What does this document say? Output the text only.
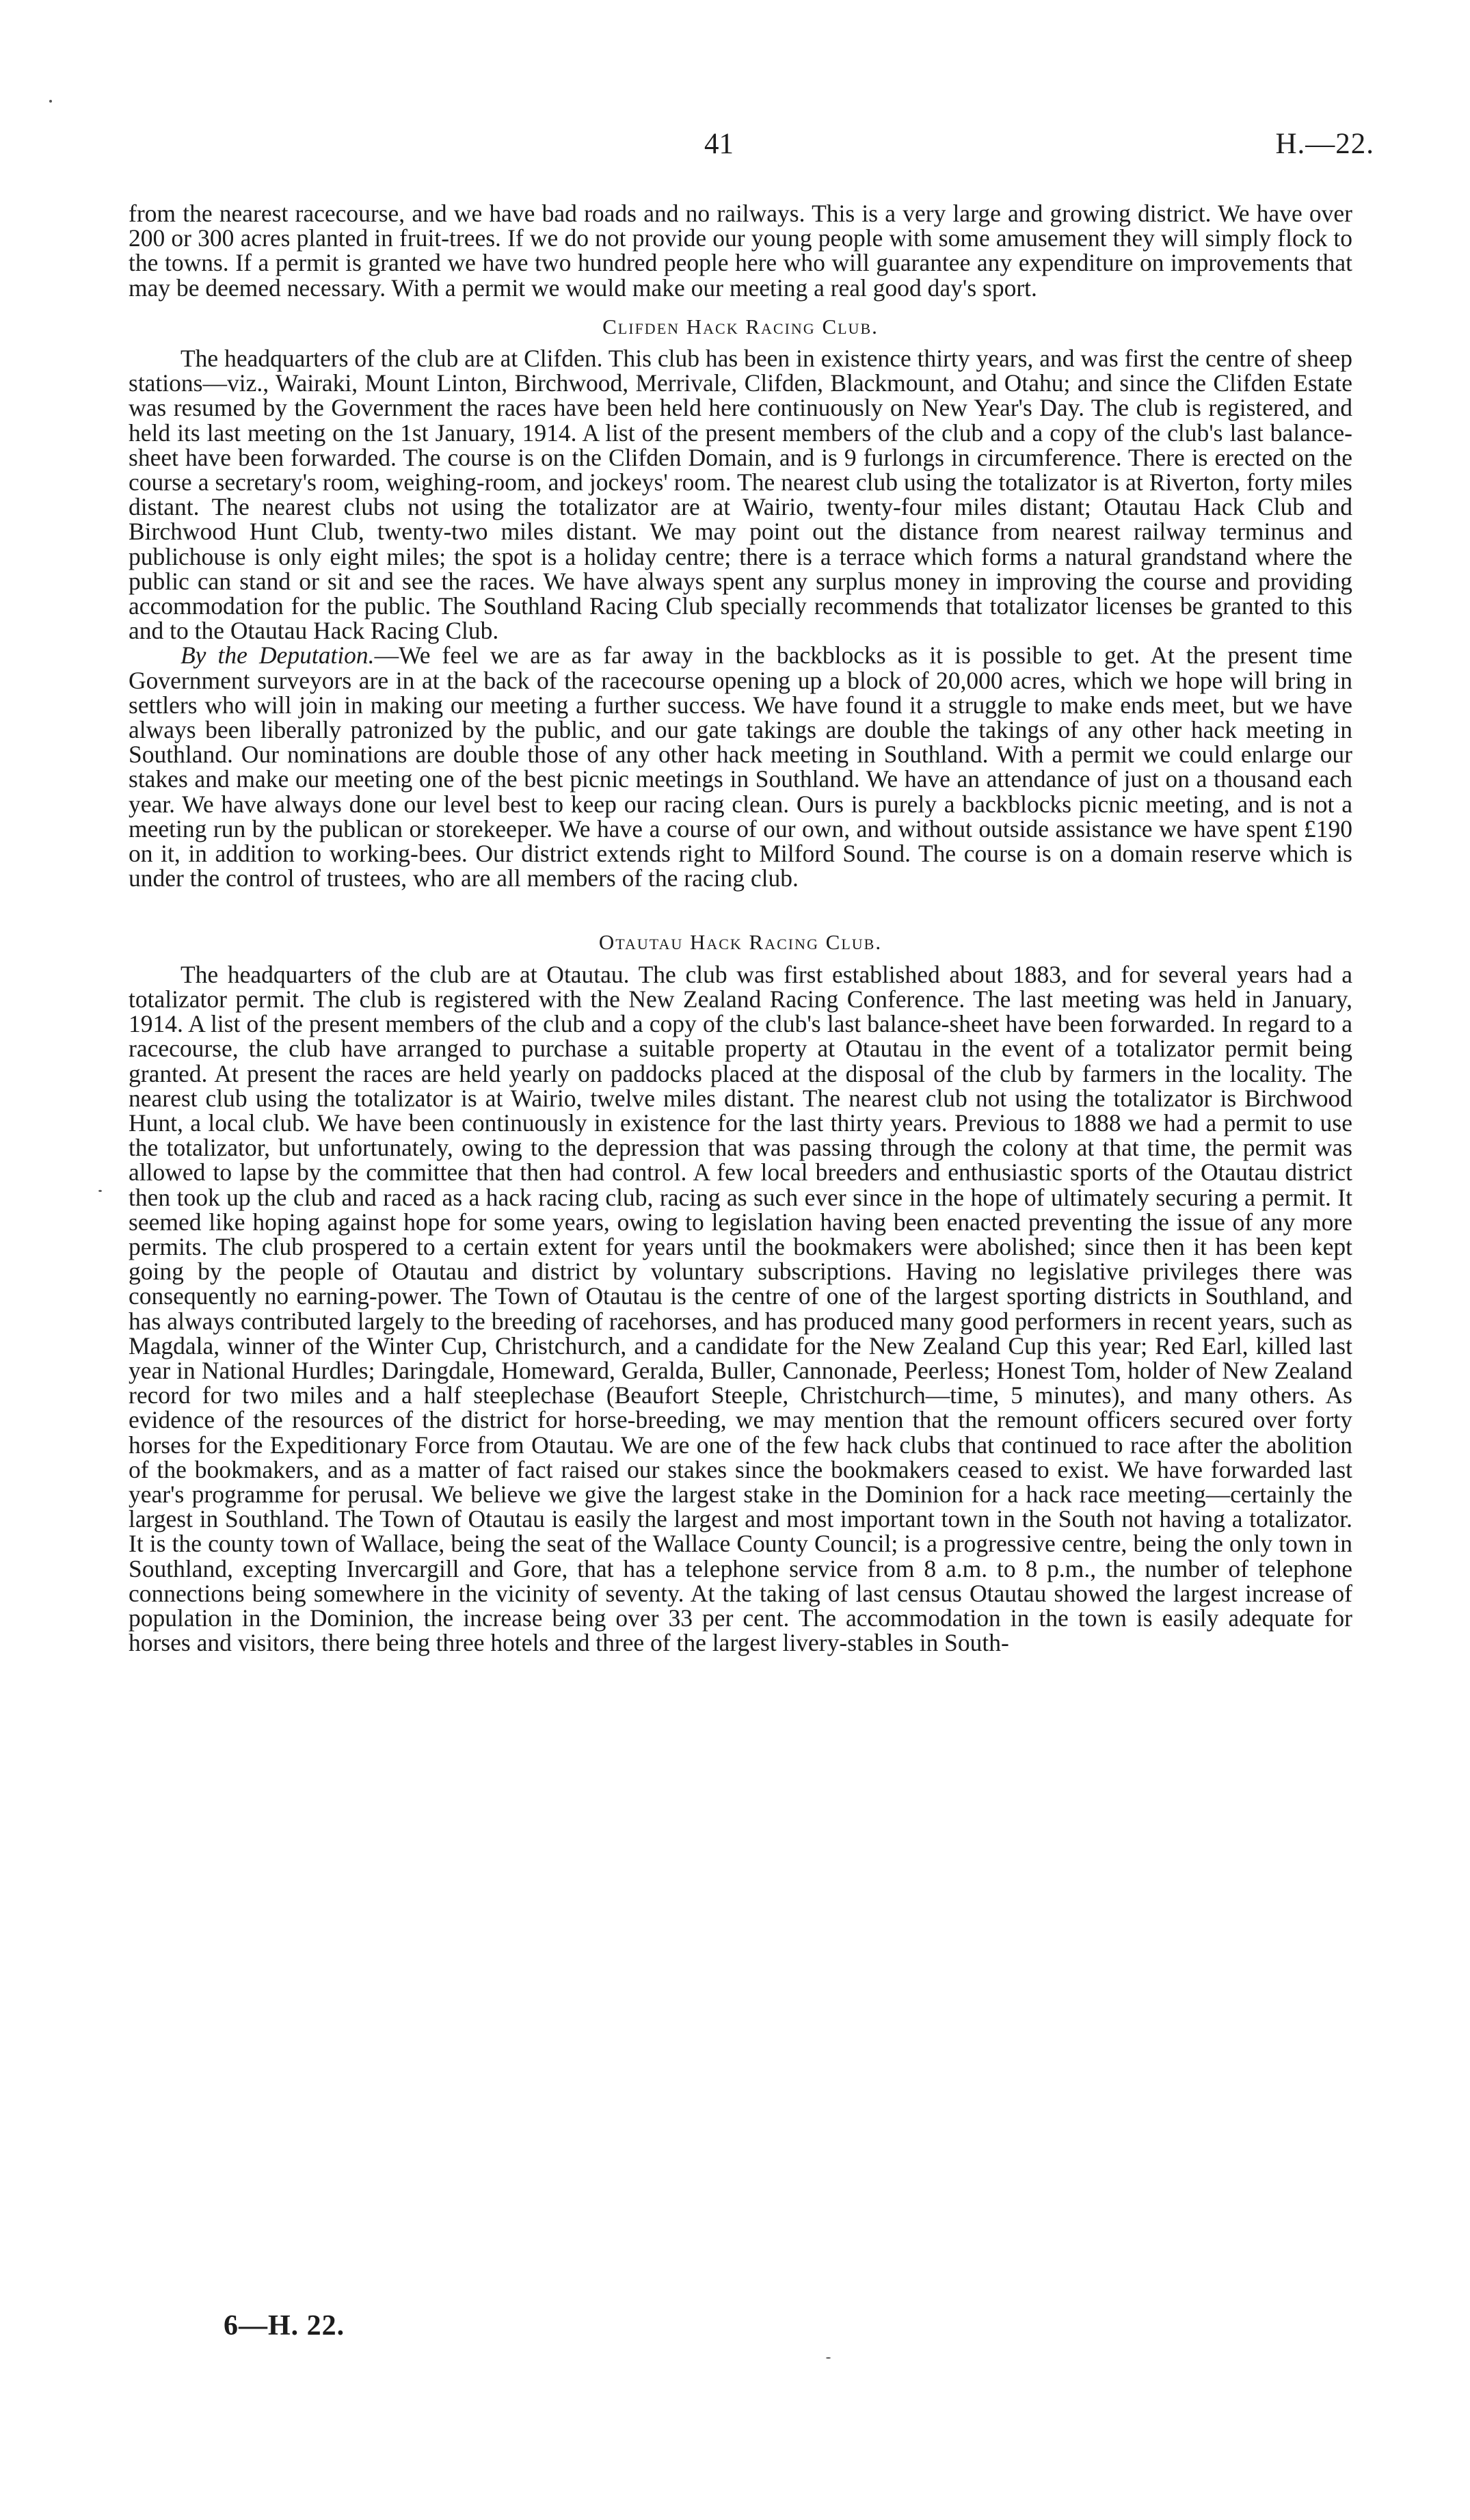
41	H.—22.

from the nearest racecourse, and we have bad roads and no railways. This is a very large and growing district. We have over 200 or 300 acres planted in fruit-trees. If we do not provide our young people with some amusement they will simply flock to the towns. If a permit is granted we have two hundred people here who will guarantee any expenditure on improvements that may be deemed necessary. With a permit we would make our meeting a real good day's sport.

Clifden Hack Racing Club.

The headquarters of the club are at Clifden. This club has been in existence thirty years, and was first the centre of sheep stations—viz., Wairaki, Mount Linton, Birchwood, Merrivale, Clifden, Blackmount, and Otahu; and since the Clifden Estate was resumed by the Government the races have been held here continuously on New Year's Day. The club is registered, and held its last meeting on the 1st January, 1914. A list of the present members of the club and a copy of the club's last balance-sheet have been forwarded. The course is on the Clifden Domain, and is 9 furlongs in circumference. There is erected on the course a secretary's room, weighing-room, and jockeys' room. The nearest club using the totalizator is at Riverton, forty miles distant. The nearest clubs not using the totalizator are at Wairio, twenty-four miles distant; Otautau Hack Club and Birchwood Hunt Club, twenty-two miles distant. We may point out the distance from nearest railway terminus and publichouse is only eight miles; the spot is a holiday centre; there is a terrace which forms a natural grandstand where the public can stand or sit and see the races. We have always spent any surplus money in improving the course and providing accommodation for the public. The Southland Racing Club specially recommends that totalizator licenses be granted to this and to the Otautau Hack Racing Club.

By the Deputation.—We feel we are as far away in the backblocks as it is possible to get. At the present time Government surveyors are in at the back of the racecourse opening up a block of 20,000 acres, which we hope will bring in settlers who will join in making our meeting a further success. We have found it a struggle to make ends meet, but we have always been liberally patronized by the public, and our gate takings are double the takings of any other hack meeting in Southland. Our nominations are double those of any other hack meeting in Southland. With a permit we could enlarge our stakes and make our meeting one of the best picnic meetings in Southland. We have an attendance of just on a thousand each year. We have always done our level best to keep our racing clean. Ours is purely a backblocks picnic meeting, and is not a meeting run by the publican or storekeeper. We have a course of our own, and without outside assistance we have spent £190 on it, in addition to working-bees. Our district extends right to Milford Sound. The course is on a domain reserve which is under the control of trustees, who are all members of the racing club.

Otautau Hack Racing Club.

The headquarters of the club are at Otautau. The club was first established about 1883, and for several years had a totalizator permit. The club is registered with the New Zealand Racing Conference. The last meeting was held in January, 1914. A list of the present members of the club and a copy of the club's last balance-sheet have been forwarded. In regard to a racecourse, the club have arranged to purchase a suitable property at Otautau in the event of a totalizator permit being granted. At present the races are held yearly on paddocks placed at the disposal of the club by farmers in the locality. The nearest club using the totalizator is at Wairio, twelve miles distant. The nearest club not using the totalizator is Birchwood Hunt, a local club. We have been continuously in existence for the last thirty years. Previous to 1888 we had a permit to use the totalizator, but unfortunately, owing to the depression that was passing through the colony at that time, the permit was allowed to lapse by the committee that then had control. A few local breeders and enthusiastic sports of the Otautau district then took up the club and raced as a hack racing club, racing as such ever since in the hope of ultimately securing a permit. It seemed like hoping against hope for some years, owing to legislation having been enacted preventing the issue of any more permits. The club prospered to a certain extent for years until the bookmakers were abolished; since then it has been kept going by the people of Otautau and district by voluntary subscriptions. Having no legislative privileges there was consequently no earning-power. The Town of Otautau is the centre of one of the largest sporting districts in Southland, and has always contributed largely to the breeding of racehorses, and has produced many good performers in recent years, such as Magdala, winner of the Winter Cup, Christchurch, and a candidate for the New Zealand Cup this year; Red Earl, killed last year in National Hurdles; Daringdale, Homeward, Geralda, Buller, Cannonade, Peerless; Honest Tom, holder of New Zealand record for two miles and a half steeplechase (Beaufort Steeple, Christchurch—time, 5 minutes), and many others. As evidence of the resources of the district for horse-breeding, we may mention that the remount officers secured over forty horses for the Expeditionary Force from Otautau. We are one of the few hack clubs that continued to race after the abolition of the bookmakers, and as a matter of fact raised our stakes since the bookmakers ceased to exist. We have forwarded last year's programme for perusal. We believe we give the largest stake in the Dominion for a hack race meeting—certainly the largest in Southland. The Town of Otautau is easily the largest and most important town in the South not having a totalizator. It is the county town of Wallace, being the seat of the Wallace County Council; is a progressive centre, being the only town in Southland, excepting Invercargill and Gore, that has a telephone service from 8 a.m. to 8 p.m., the number of telephone connections being somewhere in the vicinity of seventy. At the taking of last census Otautau showed the largest increase of population in the Dominion, the increase being over 33 per cent. The accommodation in the town is easily adequate for horses and visitors, there being three hotels and three of the largest livery-stables in South-

6—H. 22.
